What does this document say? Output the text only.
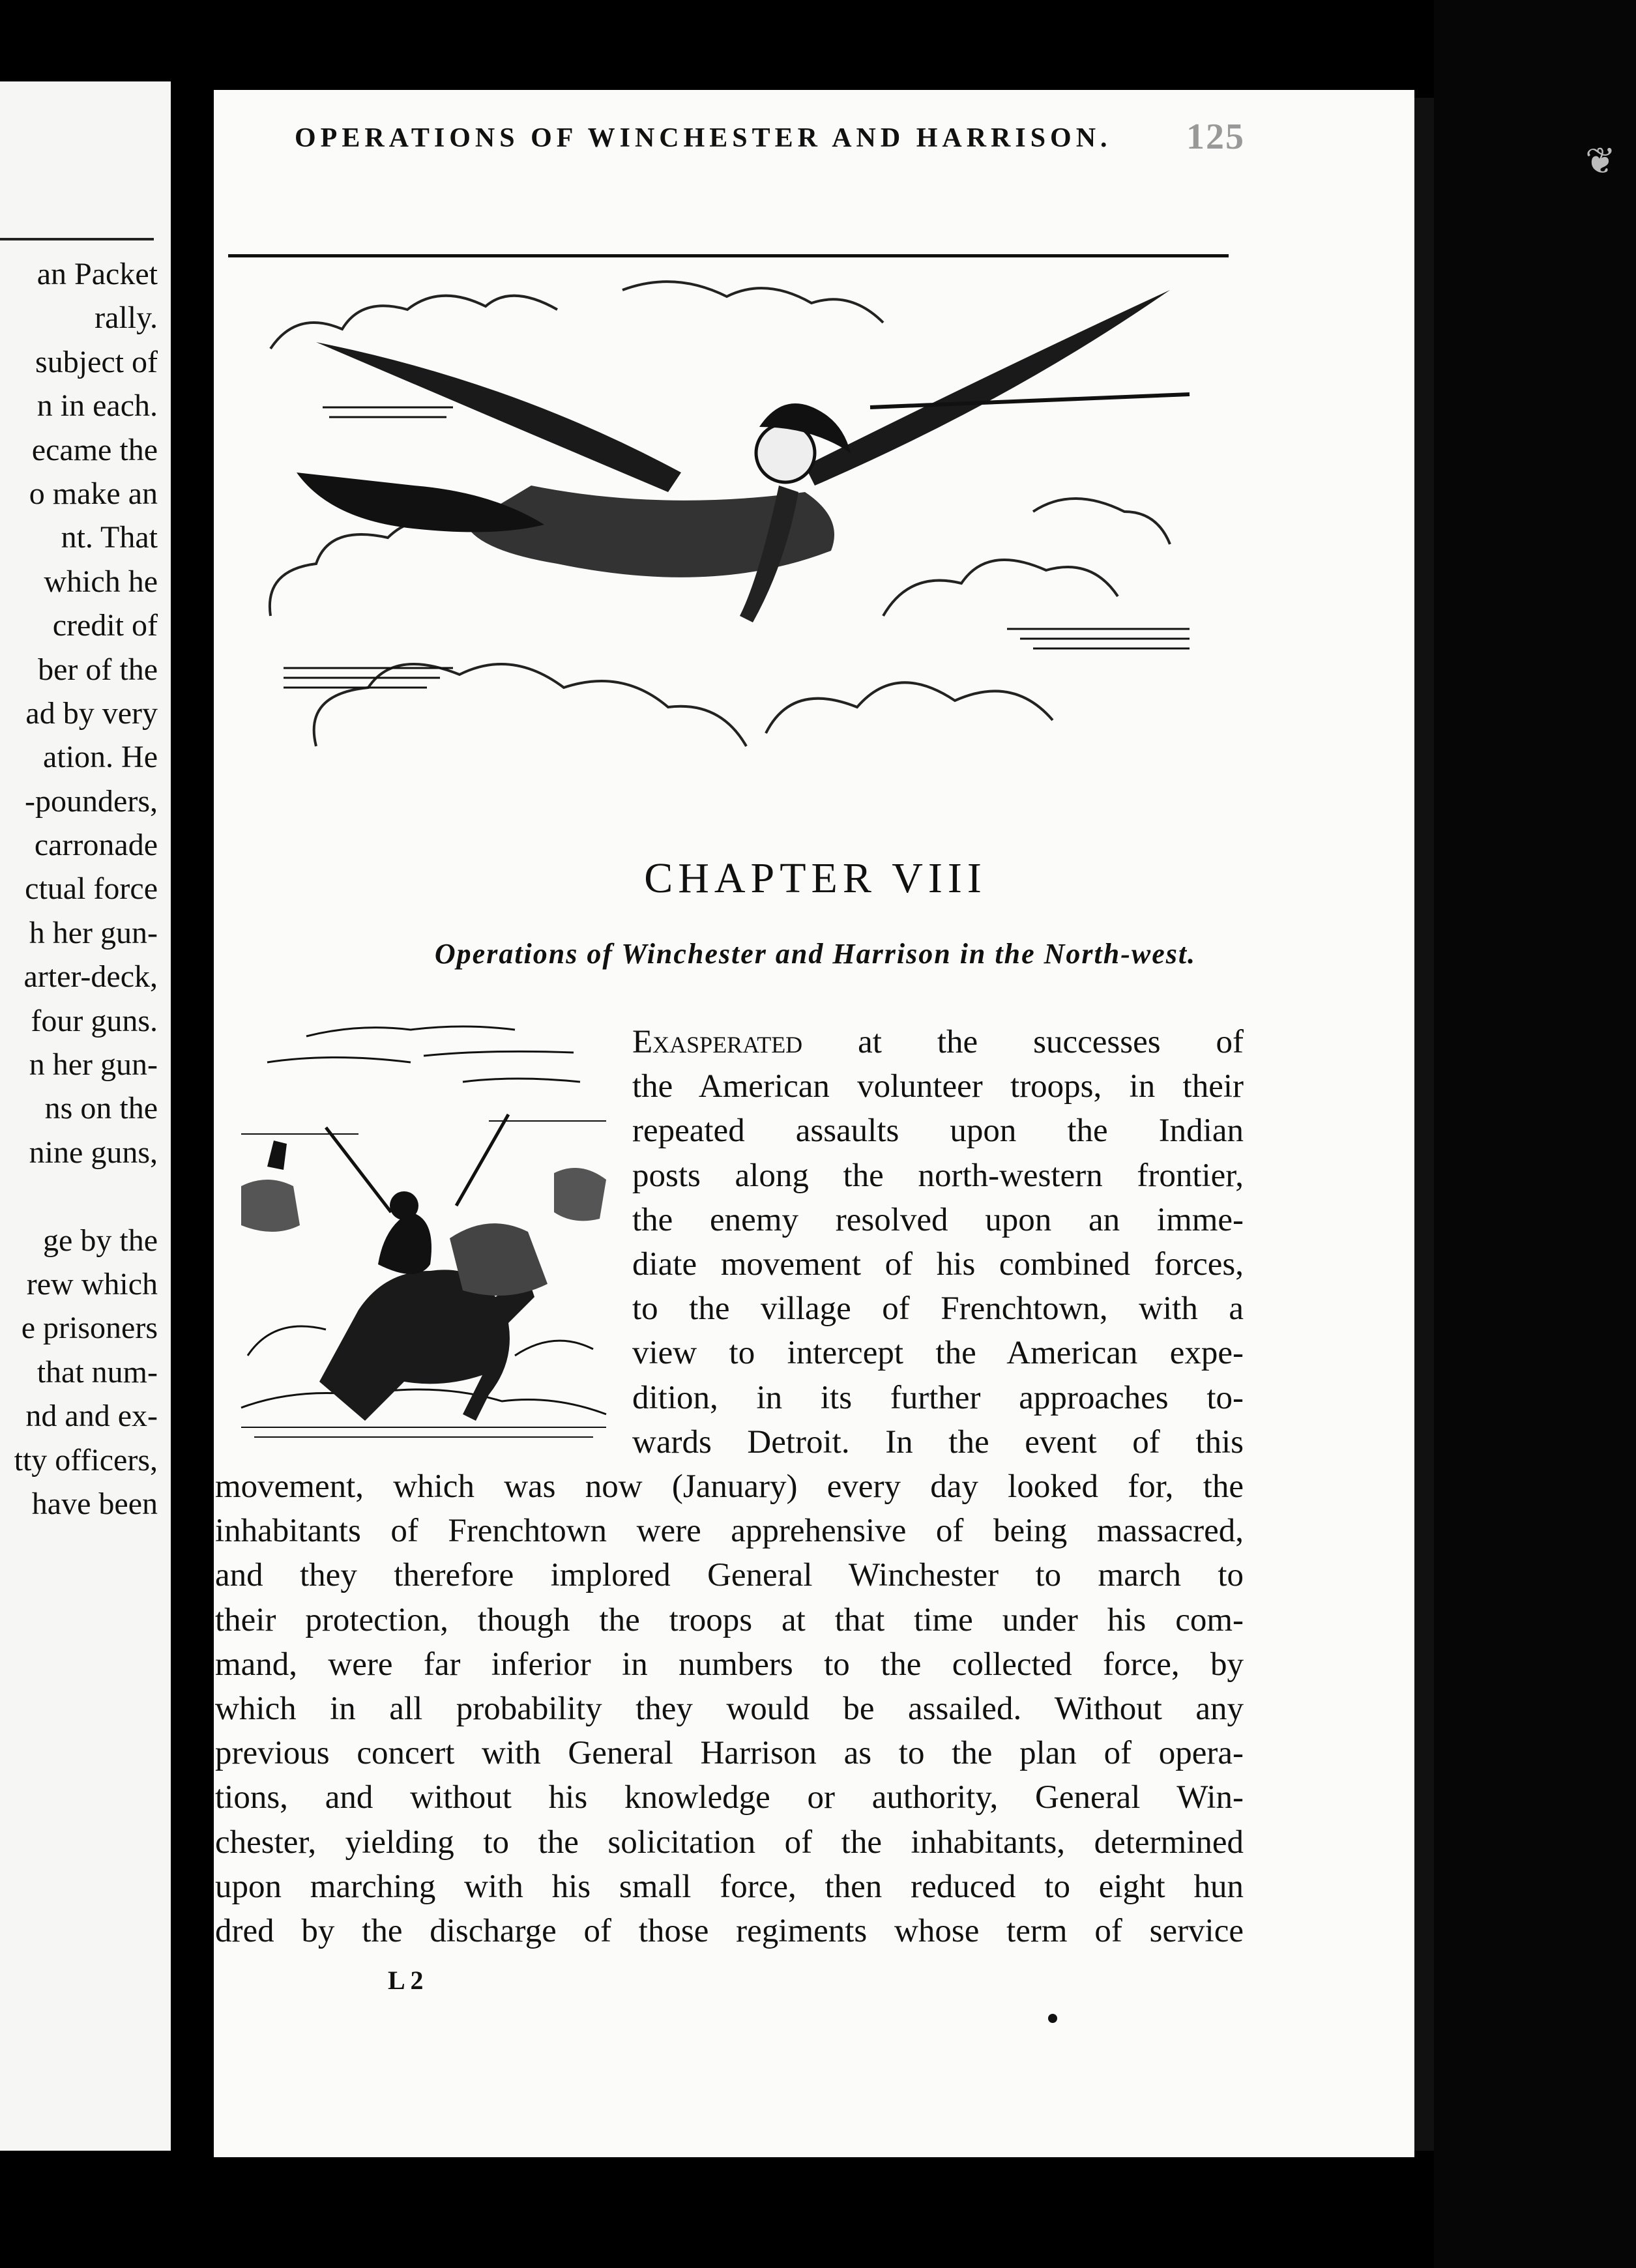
an Packet
rally.
subject of
n in each.
ecame the
o make an
nt. That
which he
credit of
ber of the
ad by very
ation. He
-pounders,
carronade
ctual force
h her gun-
arter-deck,
four guns.
n her gun-
ns on the
nine guns,

ge by the
rew which
e prisoners
that num-
nd and ex-
tty officers,
have been
❦
OPERATIONS OF WINCHESTER AND HARRISON. 125
CHAPTER VIII
Operations of Winchester and Harrison in the North-west.
Exasperated at the successes of
the American volunteer troops, in their
repeated assaults upon the Indian
posts along the north-western frontier,
the enemy resolved upon an imme-
diate movement of his combined forces,
to the village of Frenchtown, with a
view to intercept the American expe-
dition, in its further approaches to-
wards Detroit. In the event of this
movement, which was now (January) every day looked for, the
inhabitants of Frenchtown were apprehensive of being massacred,
and they therefore implored General Winchester to march to
their protection, though the troops at that time under his com-
mand, were far inferior in numbers to the collected force, by
which in all probability they would be assailed. Without any
previous concert with General Harrison as to the plan of opera-
tions, and without his knowledge or authority, General Win-
chester, yielding to the solicitation of the inhabitants, determined
upon marching with his small force, then reduced to eight hun
dred by the discharge of those regiments whose term of service
L 2
